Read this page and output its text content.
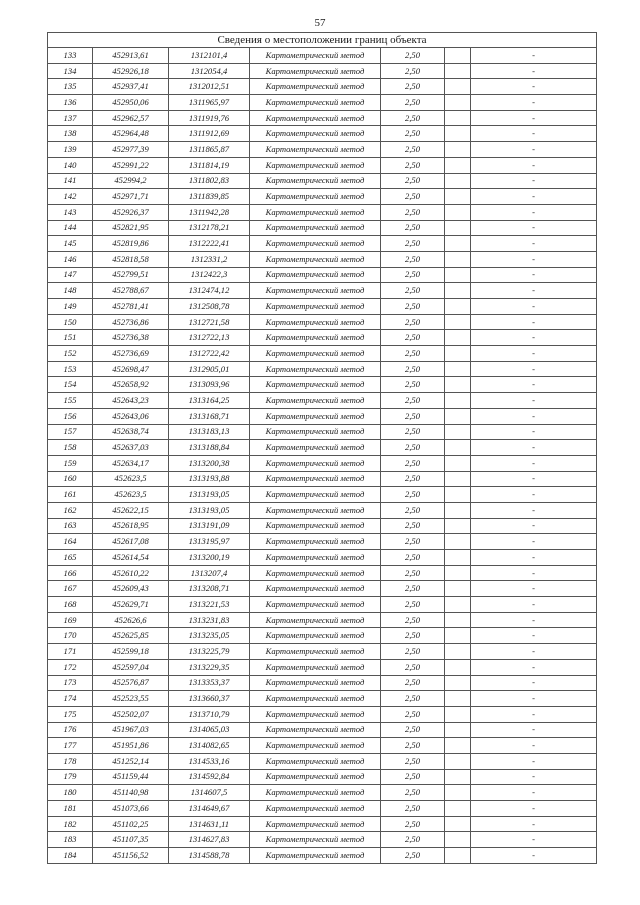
57
Сведения о местоположении границ объекта						
133	452913,61	1312101,4	Картометрический метод	2,50		-
134	452926,18	1312054,4	Картометрический метод	2,50		-
135	452937,41	1312012,51	Картометрический метод	2,50		-
136	452950,06	1311965,97	Картометрический метод	2,50		-
137	452962,57	1311919,76	Картометрический метод	2,50		-
138	452964,48	1311912,69	Картометрический метод	2,50		-
139	452977,39	1311865,87	Картометрический метод	2,50		-
140	452991,22	1311814,19	Картометрический метод	2,50		-
141	452994,2	1311802,83	Картометрический метод	2,50		-
142	452971,71	1311839,85	Картометрический метод	2,50		-
143	452926,37	1311942,28	Картометрический метод	2,50		-
144	452821,95	1312178,21	Картометрический метод	2,50		-
145	452819,86	1312222,41	Картометрический метод	2,50		-
146	452818,58	1312331,2	Картометрический метод	2,50		-
147	452799,51	1312422,3	Картометрический метод	2,50		-
148	452788,67	1312474,12	Картометрический метод	2,50		-
149	452781,41	1312508,78	Картометрический метод	2,50		-
150	452736,86	1312721,58	Картометрический метод	2,50		-
151	452736,38	1312722,13	Картометрический метод	2,50		-
152	452736,69	1312722,42	Картометрический метод	2,50		-
153	452698,47	1312905,01	Картометрический метод	2,50		-
154	452658,92	1313093,96	Картометрический метод	2,50		-
155	452643,23	1313164,25	Картометрический метод	2,50		-
156	452643,06	1313168,71	Картометрический метод	2,50		-
157	452638,74	1313183,13	Картометрический метод	2,50		-
158	452637,03	1313188,84	Картометрический метод	2,50		-
159	452634,17	1313200,38	Картометрический метод	2,50		-
160	452623,5	1313193,88	Картометрический метод	2,50		-
161	452623,5	1313193,05	Картометрический метод	2,50		-
162	452622,15	1313193,05	Картометрический метод	2,50		-
163	452618,95	1313191,09	Картометрический метод	2,50		-
164	452617,08	1313195,97	Картометрический метод	2,50		-
165	452614,54	1313200,19	Картометрический метод	2,50		-
166	452610,22	1313207,4	Картометрический метод	2,50		-
167	452609,43	1313208,71	Картометрический метод	2,50		-
168	452629,71	1313221,53	Картометрический метод	2,50		-
169	452626,6	1313231,83	Картометрический метод	2,50		-
170	452625,85	1313235,05	Картометрический метод	2,50		-
171	452599,18	1313225,79	Картометрический метод	2,50		-
172	452597,04	1313229,35	Картометрический метод	2,50		-
173	452576,87	1313353,37	Картометрический метод	2,50		-
174	452523,55	1313660,37	Картометрический метод	2,50		-
175	452502,07	1313710,79	Картометрический метод	2,50		-
176	451967,03	1314065,03	Картометрический метод	2,50		-
177	451951,86	1314082,65	Картометрический метод	2,50		-
178	451252,14	1314533,16	Картометрический метод	2,50		-
179	451159,44	1314592,84	Картометрический метод	2,50		-
180	451140,98	1314607,5	Картометрический метод	2,50		-
181	451073,66	1314649,67	Картометрический метод	2,50		-
182	451102,25	1314631,11	Картометрический метод	2,50		-
183	451107,35	1314627,83	Картометрический метод	2,50		-
184	451156,52	1314588,78	Картометрический метод	2,50		-
